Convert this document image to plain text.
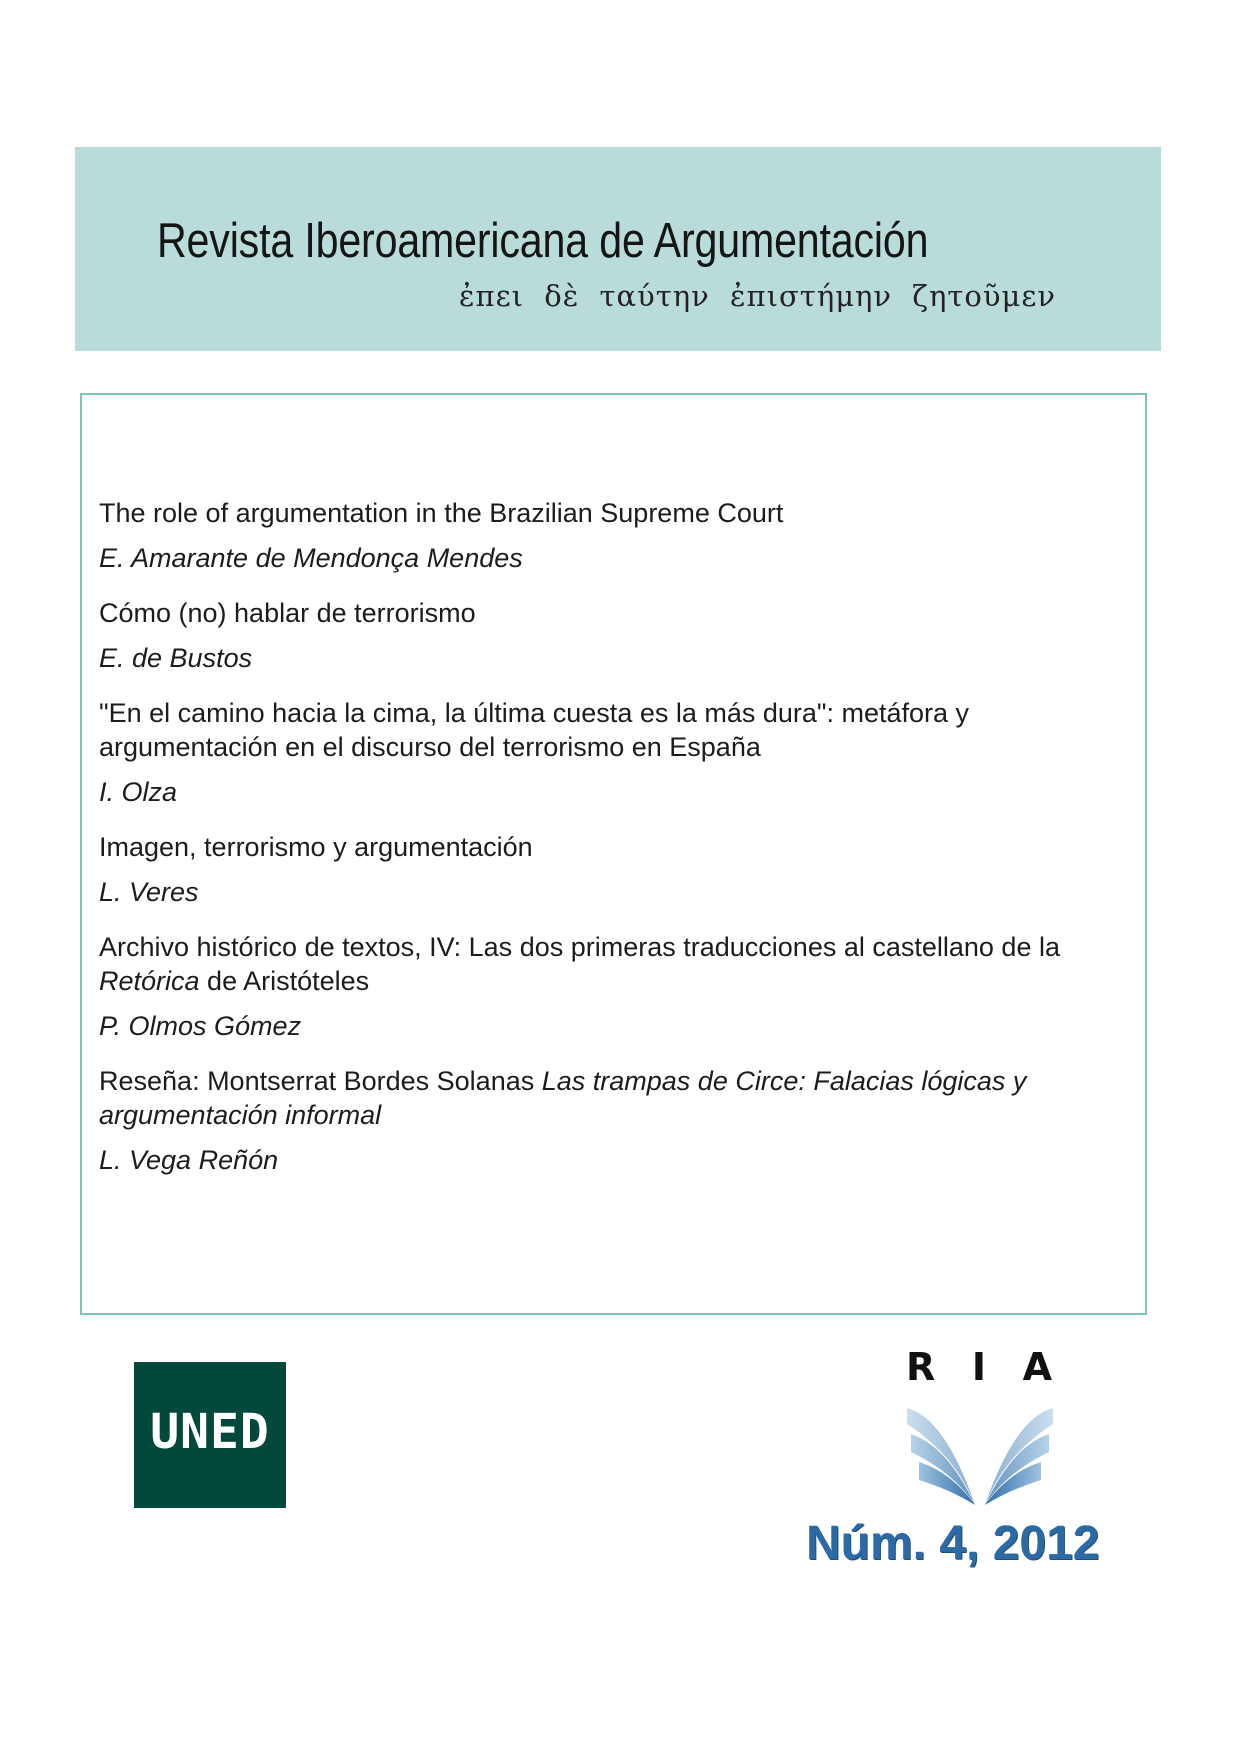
Revista Iberoamericana de Argumentación
ἐπει δὲ ταύτην ἐπιστήμην ζητοῦμεν

The role of argumentation in the Brazilian Supreme Court

E. Amarante de Mendonça Mendes

Cómo (no) hablar de terrorismo

E. de Bustos

"En el camino hacia la cima, la última cuesta es la más dura": metáfora y argumentación en el discurso del terrorismo en España

I. Olza

Imagen, terrorismo y argumentación

L. Veres

Archivo histórico de textos, IV: Las dos primeras traducciones al castellano de la Retórica de Aristóteles

P. Olmos Gómez

Reseña: Montserrat Bordes Solanas Las trampas de Circe: Falacias lógicas y argumentación informal

L. Vega Reñón

UNED
R I A
Núm. 4, 2012
